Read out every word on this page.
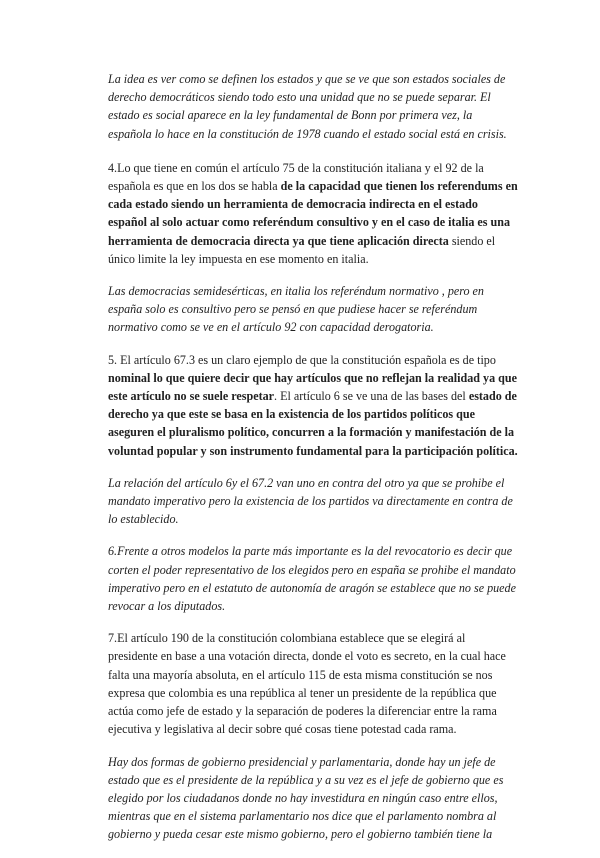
La idea es ver como se definen los estados y que se ve que son estados sociales de derecho democráticos siendo todo esto una unidad que no se puede separar. El estado es social aparece en la ley fundamental de Bonn por primera vez, la española lo hace en la constitución de 1978 cuando el estado social está en crisis.

4.Lo que tiene en común el artículo 75 de la constitución italiana y el 92 de la española es que en los dos se habla de la capacidad que tienen los referendums en cada estado siendo un herramienta de democracia indirecta en el estado español al solo actuar como referéndum consultivo y en el caso de italia es una herramienta de democracia directa ya que tiene aplicación directa siendo el único limite la ley impuesta en ese momento en italia.

Las democracias semidesérticas, en italia los referéndum normativo , pero en españa solo es consultivo pero se pensó en que pudiese hacer se referéndum normativo como se ve en el artículo 92 con capacidad derogatoria.

5. El artículo 67.3 es un claro ejemplo de que la constitución española es de tipo nominal lo que quiere decir que hay artículos que no reflejan la realidad ya que este artículo no se suele respetar. El artículo 6 se ve una de las bases del estado de derecho ya que este se basa en la existencia de los partidos políticos que aseguren el pluralismo político, concurren a la formación y manifestación de la voluntad popular y son instrumento fundamental para la participación política.

La relación del artículo 6y el 67.2 van uno en contra del otro ya que se prohibe el mandato imperativo pero la existencia de los partidos va directamente en contra de lo establecido.

6.Frente a otros modelos la parte más importante es la del revocatorio es decir que corten el poder representativo de los elegidos pero en españa se prohibe el mandato imperativo pero en el estatuto de autonomía de aragón se establece que no se puede revocar a los diputados.

7.El artículo 190 de la constitución colombiana establece que se elegirá al presidente en base a una votación directa, donde el voto es secreto, en la cual hace falta una mayoría absoluta, en el artículo 115 de esta misma constitución se nos expresa que colombia es una república al tener un presidente de la república que actúa como jefe de estado y la separación de poderes la diferenciar entre la rama ejecutiva y legislativa al decir sobre qué cosas tiene potestad cada rama.

Hay dos formas de gobierno presidencial y parlamentaria, donde hay un jefe de estado que es el presidente de la república y a su vez es el jefe de gobierno que es elegido por los ciudadanos donde no hay investidura en ningún caso entre ellos, mientras que en el sistema parlamentario nos dice que el parlamento nombra al gobierno y pueda cesar este mismo gobierno, pero el gobierno también tiene la
